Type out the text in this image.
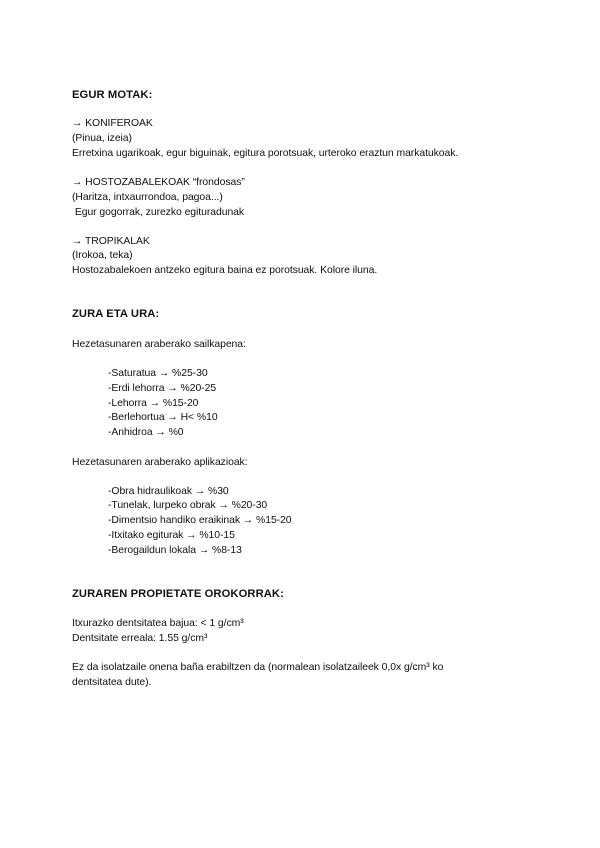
EGUR MOTAK:
→ KONIFEROAK
(Pinua, izeia)
Erretxina ugarikoak, egur biguinak, egitura porotsuak, urteroko eraztun markatukoak.
→ HOSTOZABALEKOAK “frondosas”
(Haritza, intxaurrondoa, pagoa...)
Egur gogorrak, zurezko egituradunak
→ TROPIKALAK
(Irokoa, teka)
Hostozabalekoen antzeko egitura baina ez porotsuak. Kolore iluna.
ZURA ETA URA:
Hezetasunaren araberako sailkapena:
-Saturatua → %25-30
-Erdi lehorra → %20-25
-Lehorra → %15-20
-Berlehortua → H< %10
-Anhidroa → %0
Hezetasunaren araberako aplikazioak:
-Obra hidraulikoak → %30
-Tunelak, lurpeko obrak → %20-30
-Dimentsio handiko eraikinak → %15-20
-Itxitako egiturak → %10-15
-Berogaildun lokala → %8-13
ZURAREN PROPIETATE OROKORRAK:
Itxurazko dentsitatea bajua: < 1 g/cm³
Dentsitate erreala: 1.55 g/cm³
Ez da isolatzaile onena baña erabiltzen da (normalean isolatzaileek 0,0x g/cm³ ko
dentsitatea dute).
